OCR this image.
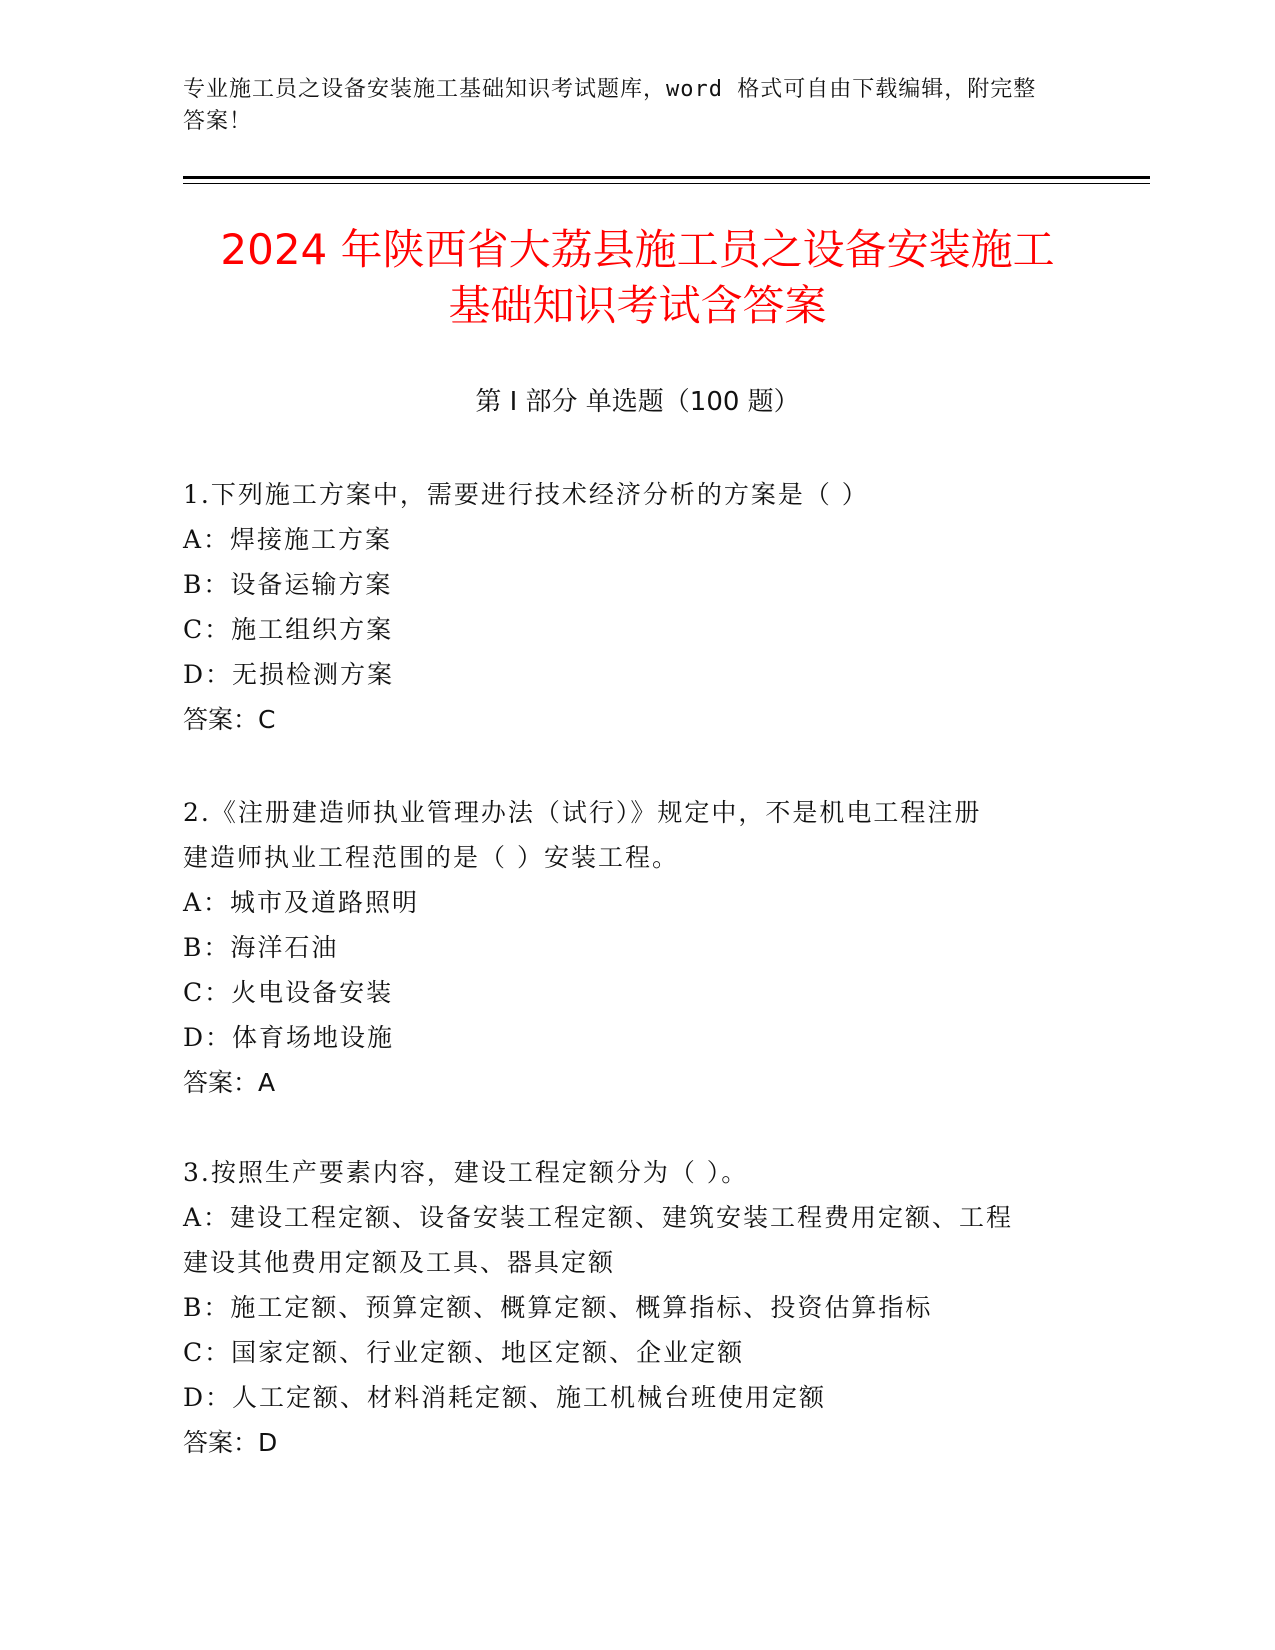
专业施工员之设备安装施工基础知识考试题库，word 格式可自由下载编辑，附完整答案！
2024 年陕西省大荔县施工员之设备安装施工
基础知识考试含答案
第 I 部分 单选题（100 题）
1.下列施工方案中，需要进行技术经济分析的方案是（ ）
A：焊接施工方案
B：设备运输方案
C：施工组织方案
D：无损检测方案
答案：C
2.《注册建造师执业管理办法（试行）》规定中，不是机电工程注册
建造师执业工程范围的是（ ）安装工程。
A：城市及道路照明
B：海洋石油
C：火电设备安装
D：体育场地设施
答案：A
3.按照生产要素内容，建设工程定额分为（ ）。
A：建设工程定额、设备安装工程定额、建筑安装工程费用定额、工程
建设其他费用定额及工具、器具定额
B：施工定额、预算定额、概算定额、概算指标、投资估算指标
C：国家定额、行业定额、地区定额、企业定额
D：人工定额、材料消耗定额、施工机械台班使用定额
答案：D
